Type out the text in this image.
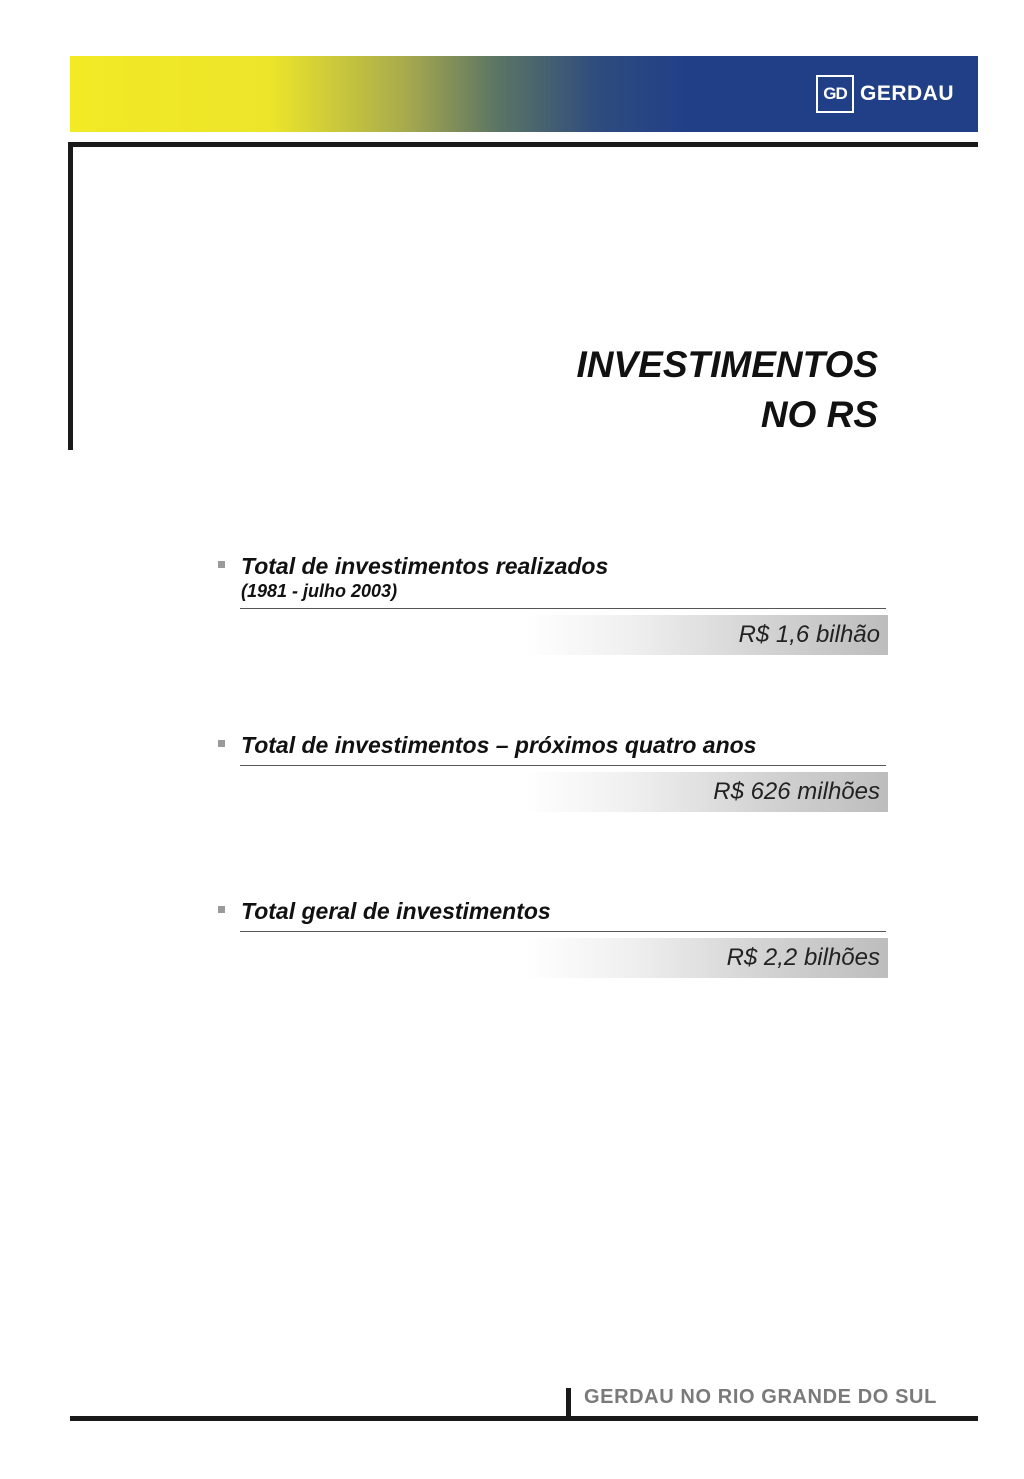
GD GERDAU
INVESTIMENTOS
NO RS
Total de investimentos realizados
(1981 - julho 2003)
R$ 1,6 bilhão
Total de investimentos – próximos quatro anos
R$ 626 milhões
Total geral de investimentos
R$ 2,2 bilhões
GERDAU NO RIO GRANDE DO SUL
